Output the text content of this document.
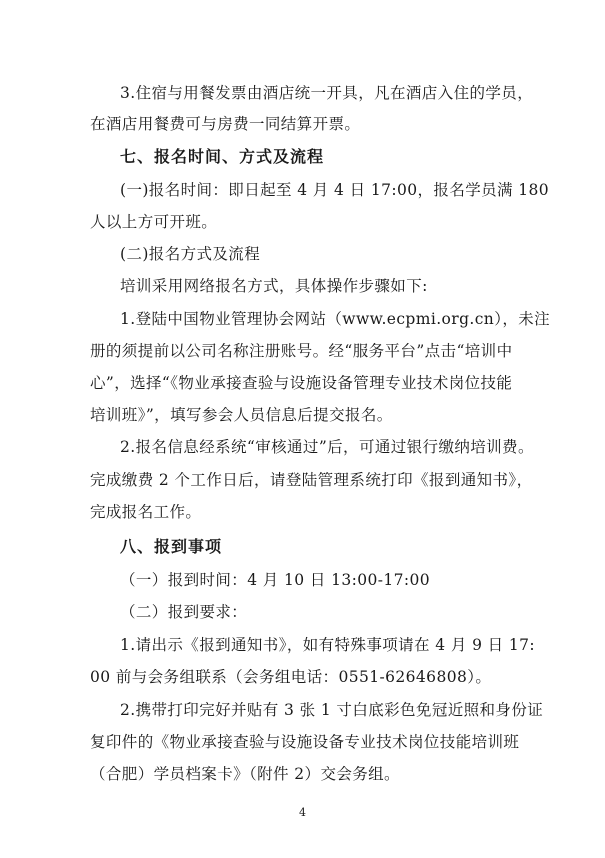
3.住宿与用餐发票由酒店统一开具，凡在酒店入住的学员，
在酒店用餐费可与房费一同结算开票。
七、报名时间、方式及流程
(一)报名时间：即日起至 4 月 4 日 17:00，报名学员满 180
人以上方可开班。
(二)报名方式及流程
培训采用网络报名方式，具体操作步骤如下:
1.登陆中国物业管理协会网站（www.ecpmi.org.cn），未注
册的须提前以公司名称注册账号。经“服务平台”点击“培训中
心”，选择“《物业承接查验与设施设备管理专业技术岗位技能
培训班》”，填写参会人员信息后提交报名。
2.报名信息经系统“审核通过”后，可通过银行缴纳培训费。
完成缴费 2 个工作日后，请登陆管理系统打印《报到通知书》，
完成报名工作。
八、报到事项
（一）报到时间：4 月 10 日 13:00-17:00
（二）报到要求：
1.请出示《报到通知书》，如有特殊事项请在 4 月 9 日 17:
00 前与会务组联系（会务组电话：0551-62646808）。
2.携带打印完好并贴有 3 张 1 寸白底彩色免冠近照和身份证
复印件的《物业承接查验与设施设备专业技术岗位技能培训班
（合肥）学员档案卡》（附件 2）交会务组。
4
